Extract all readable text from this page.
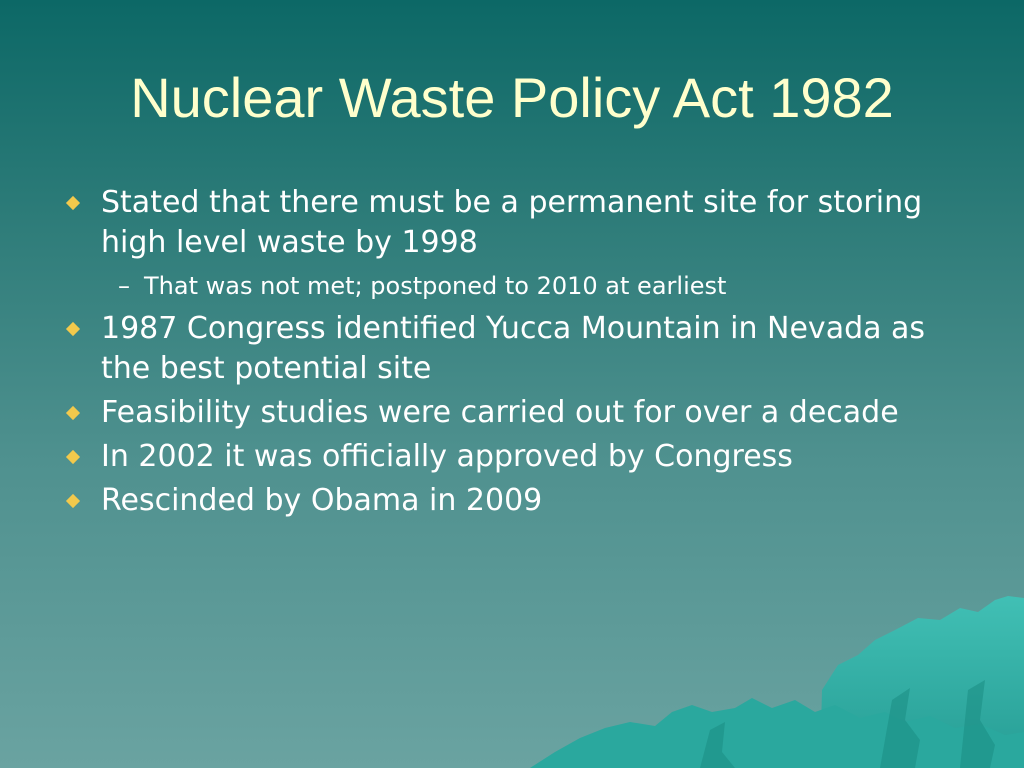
Nuclear Waste Policy Act 1982
Stated that there must be a permanent site for storing high level waste by 1998
– That was not met; postponed to 2010 at earliest
1987 Congress identified Yucca Mountain in Nevada as the best potential site
Feasibility studies were carried out for over a decade
In 2002 it was officially approved by Congress
Rescinded by Obama in 2009
